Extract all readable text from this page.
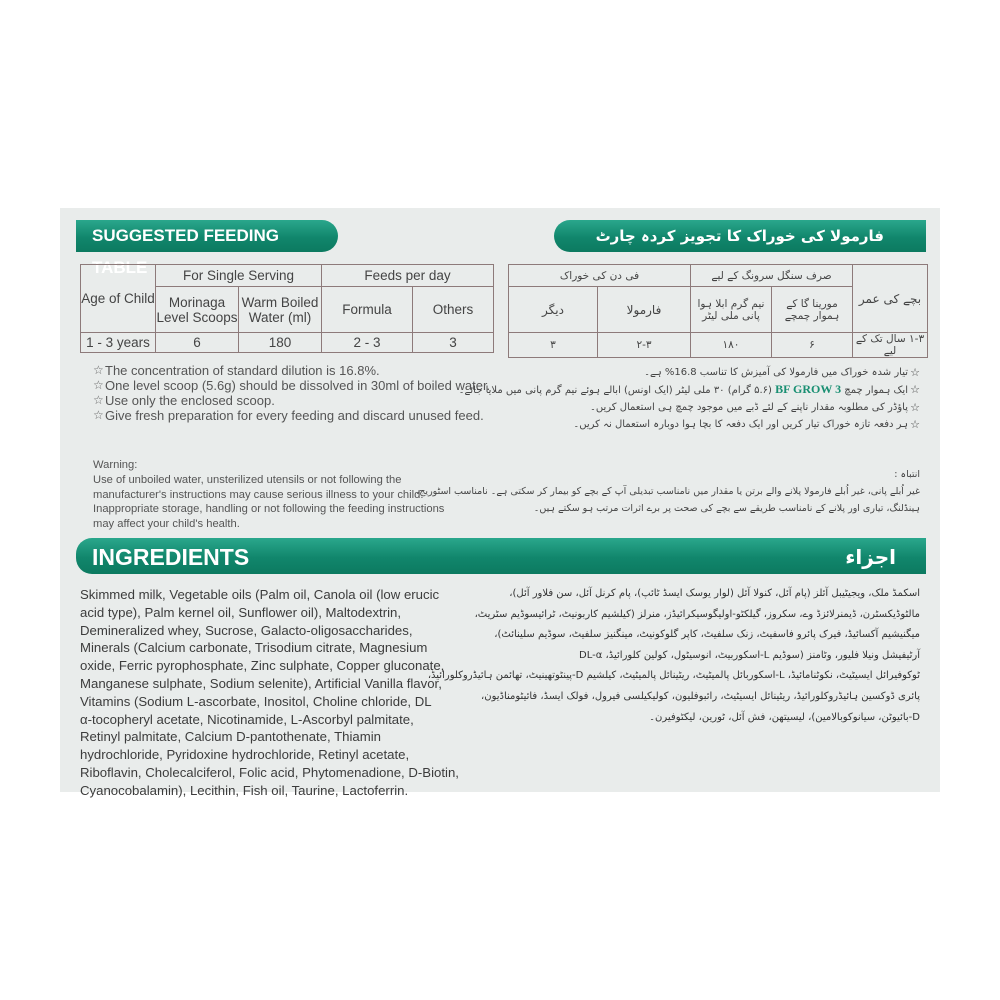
SUGGESTED FEEDING TABLE
فارمولا کی خوراک کا تجویز کردہ چارٹ
Age of Child	For Single Serving		Feeds per day	
	Morinaga Level Scoops	Warm Boiled Water (ml)	Formula	Others
1 - 3 years	6	180	2 - 3	3
بچے کی عمر	صرف سنگل سرونگ کے لیے		فی دن کی خوراک	
	مورینا گا کے ہموار چمچے	نیم گرم ابلا ہوا پانی ملی لیٹر	فارمولا	دیگر
۱-۳ سال تک کے لیے	۶	۱۸۰	۲-۳	۳
☆ The concentration of standard dilution is 16.8%.
☆ One level scoop (5.6g) should be dissolved in 30ml of boiled water.
☆ Use only the enclosed scoop.
☆ Give fresh preparation for every feeding and discard unused feed.
Warning:
Use of unboiled water, unsterilized utensils or not following the
manufacturer's instructions may cause serious illness to your child.
Inappropriate storage, handling or not following the feeding instructions
may affect your child's health.
☆
تیار شدہ خوراک میں فارمولا کی آمیزش کا تناسب 16.8% ہے۔
☆
ایک ہموار چمچ BF GROW 3 (۵.۶ گرام) ۳۰ ملی لیٹر (ایک اونس) ابالے ہوئے نیم گرم پانی میں ملایا جائے۔
☆
پاؤڈر کی مطلوبہ مقدار ناپنے کے لئے ڈبے میں موجود چمچ ہی استعمال کریں۔
☆
ہر دفعہ تازہ خوراک تیار کریں اور ایک دفعہ کا بچا ہوا دوبارہ استعمال نہ کریں۔
انتباہ :
غیر اُبلے پانی، غیر اُبلے فارمولا پلانے والے برتن یا مقدار میں نامناسب تبدیلی آپ کے بچے کو بیمار کر سکتی ہے۔ نامناسب اسٹوریج،
ہینڈلنگ، تیاری اور پلانے کے نامناسب طریقے سے بچے کی صحت پر برے اثرات مرتب ہو سکتے ہیں۔
INGREDIENTS	اجزاء
Skimmed milk, Vegetable oils (Palm oil, Canola oil (low erucic
acid type), Palm kernel oil, Sunflower oil), Maltodextrin,
Demineralized whey, Sucrose, Galacto-oligosaccharides,
Minerals (Calcium carbonate, Trisodium citrate, Magnesium
oxide, Ferric pyrophosphate, Zinc sulphate, Copper gluconate,
Manganese sulphate, Sodium selenite), Artificial Vanilla flavor,
Vitamins (Sodium L-ascorbate, Inositol, Choline chloride, DL
α-tocopheryl acetate, Nicotinamide, L-Ascorbyl palmitate,
Retinyl palmitate, Calcium D-pantothenate, Thiamin
hydrochloride, Pyridoxine hydrochloride, Retinyl acetate,
Riboflavin, Cholecalciferol, Folic acid, Phytomenadione, D-Biotin,
Cyanocobalamin), Lecithin, Fish oil, Taurine, Lactoferrin.
اسکمڈ ملک، ویجیٹیبل آئلز (پام آئل، کنولا آئل (لوار یوسک ایسڈ ٹائپ)، پام کرنل آئل، سن فلاور آئل)،
مالٹوڈیکسٹرن، ڈیمنرلائزڈ وے، سکروز، گیلکٹو-اولیگوسیکرائیڈز، منرلز (کیلشیم کاربونیٹ، ٹرائیسوڈیم سٹریٹ،
میگنیشیم آکسائیڈ، فیرک پائرو فاسفیٹ، زنک سلفیٹ، کاپر گلوکونیٹ، مینگنیز سلفیٹ، سوڈیم سلینائٹ)،
آرٹیفیشل ونیلا فلیور، وٹامنز (سوڈیم L-اسکوربیٹ، انوسیٹول، کولین کلورائیڈ، DL-α
ٹوکوفیرائل ایسیٹیٹ، نکوٹنامائیڈ، L-اسکوربائل پالمیٹیٹ، ریٹینائل پالمیٹیٹ، کیلشیم D-پینٹوتھینیٹ، تھائمن ہائیڈروکلورائیڈ،
پائری ڈوکسین ہائیڈروکلورائیڈ، ریٹینائل ایسیٹیٹ، رائبوفلیون، کولیکیلسی فیرول، فولک ایسڈ، فائیٹومناڈیون،
D-بائیوٹن، سیانوکوبالامین)، لیسیتھن، فش آئل، ٹورین، لیکٹوفیرن۔
